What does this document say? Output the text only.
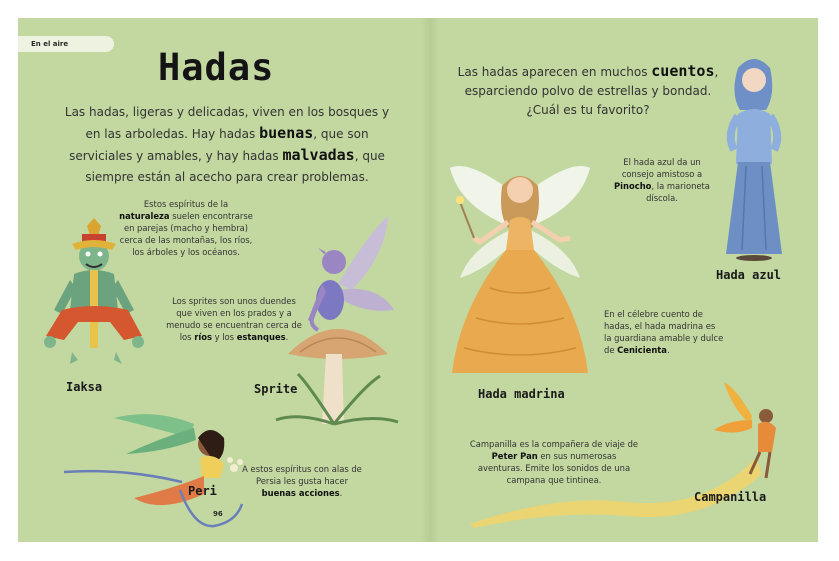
En el aire
Hadas
Las hadas, ligeras y delicadas, viven en los bosques y en las arboledas. Hay hadas buenas, que son serviciales y amables, y hay hadas malvadas, que siempre están al acecho para crear problemas.
Iaksa
Estos espíritus de la naturaleza suelen encontrarse en parejas (macho y hembra) cerca de las montañas, los ríos, los árboles y los océanos.
Sprite
Los sprites son unos duendes que viven en los prados y a menudo se encuentran cerca de los ríos y los estanques.
Peri
A estos espíritus con alas de Persia les gusta hacer buenas acciones.
96
Las hadas aparecen en muchos cuentos, esparciendo polvo de estrellas y bondad. ¿Cuál es tu favorito?
Hada madrina
El hada azul da un consejo amistoso a Pinocho, la marioneta díscola.
Hada azul
En el célebre cuento de hadas, el hada madrina es la guardiana amable y dulce de Cenicienta.
Campanilla es la compañera de viaje de Peter Pan en sus numerosas aventuras. Emite los sonidos de una campana que tintinea.
Campanilla
